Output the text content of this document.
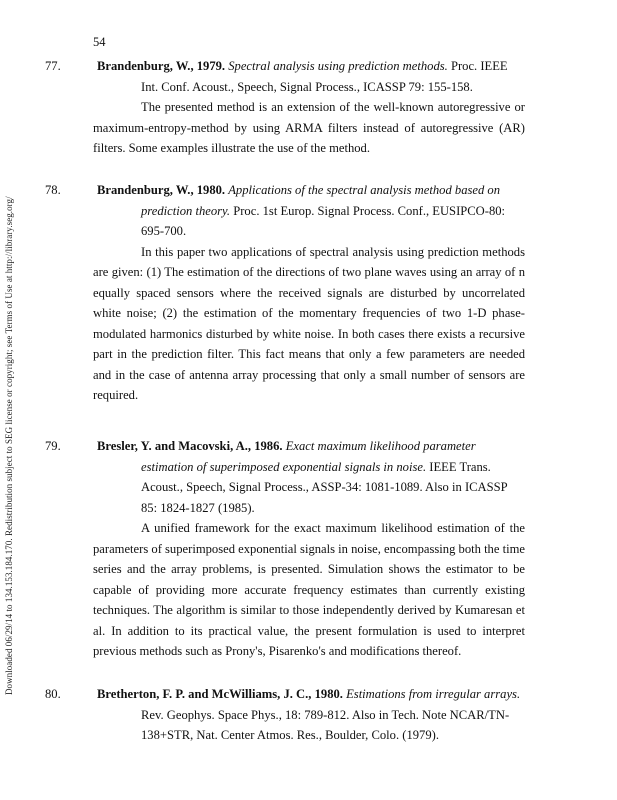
Downloaded 06/29/14 to 134.153.184.170. Redistribution subject to SEG license or copyright; see Terms of Use at http://library.seg.org/
54
77.	Brandenburg, W., 1979. Spectral analysis using prediction methods. Proc. IEEE Int. Conf. Acoust., Speech, Signal Process., ICASSP 79: 155-158.

The presented method is an extension of the well-known autoregressive or maximum-entropy-method by using ARMA filters instead of autoregressive (AR) filters. Some examples illustrate the use of the method.

78.	Brandenburg, W., 1980. Applications of the spectral analysis method based on prediction theory. Proc. 1st Europ. Signal Process. Conf., EUSIPCO-80: 695-700.

In this paper two applications of spectral analysis using prediction methods are given: (1) The estimation of the directions of two plane waves using an array of n equally spaced sensors where the received signals are disturbed by uncorrelated white noise; (2) the estimation of the momentary frequencies of two 1-D phase-modulated harmonics disturbed by white noise. In both cases there exists a recursive part in the prediction filter. This fact means that only a few parameters are needed and in the case of antenna array processing that only a small number of sensors are required.

79.	Bresler, Y. and Macovski, A., 1986. Exact maximum likelihood parameter estimation of superimposed exponential signals in noise. IEEE Trans. Acoust., Speech, Signal Process., ASSP-34: 1081-1089. Also in ICASSP 85: 1824-1827 (1985).

A unified framework for the exact maximum likelihood estimation of the parameters of superimposed exponential signals in noise, encompassing both the time series and the array problems, is presented. Simulation shows the estimator to be capable of providing more accurate frequency estimates than currently existing techniques. The algorithm is similar to those independently derived by Kumaresan et al. In addition to its practical value, the present formulation is used to interpret previous methods such as Prony's, Pisarenko's and modifications thereof.

80.	Bretherton, F. P. and McWilliams, J. C., 1980. Estimations from irregular arrays. Rev. Geophys. Space Phys., 18: 789-812. Also in Tech. Note NCAR/TN-138+STR, Nat. Center Atmos. Res., Boulder, Colo. (1979).
